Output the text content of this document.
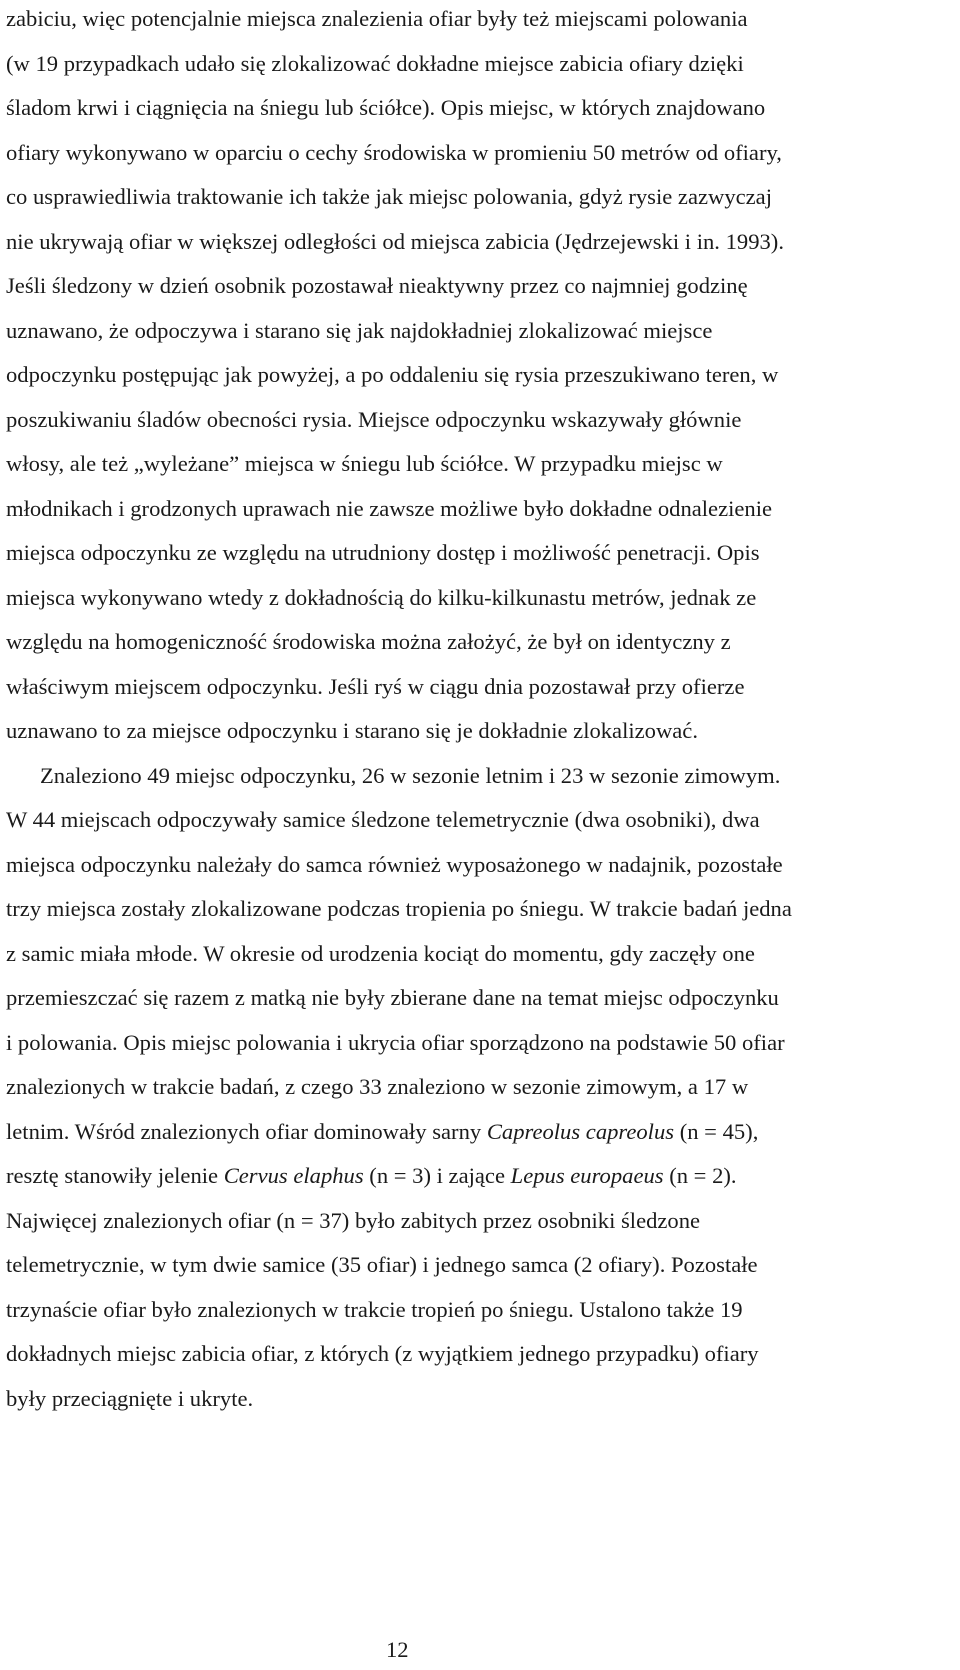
zabiciu, więc potencjalnie miejsca znalezienia ofiar były też miejscami polowania
(w 19 przypadkach udało się zlokalizować dokładne miejsce zabicia ofiary dzięki
śladom krwi i ciągnięcia na śniegu lub ściółce). Opis miejsc, w których znajdowano
ofiary wykonywano w oparciu o cechy środowiska w promieniu 50 metrów od ofiary,
co usprawiedliwia traktowanie ich także jak miejsc polowania, gdyż rysie zazwyczaj
nie ukrywają ofiar w większej odległości od miejsca zabicia (Jędrzejewski i in. 1993).
Jeśli śledzony w dzień osobnik pozostawał nieaktywny przez co najmniej godzinę
uznawano, że odpoczywa i starano się jak najdokładniej zlokalizować miejsce
odpoczynku postępując jak powyżej, a po oddaleniu się rysia przeszukiwano teren, w
poszukiwaniu śladów obecności rysia. Miejsce odpoczynku wskazywały głównie
włosy, ale też „wyleżane” miejsca w śniegu lub ściółce. W przypadku miejsc w
młodnikach i grodzonych uprawach nie zawsze możliwe było dokładne odnalezienie
miejsca odpoczynku ze względu na utrudniony dostęp i możliwość penetracji. Opis
miejsca wykonywano wtedy z dokładnością do kilku-kilkunastu metrów, jednak ze
względu na homogeniczność środowiska można założyć, że był on identyczny z
właściwym miejscem odpoczynku. Jeśli ryś w ciągu dnia pozostawał przy ofierze
uznawano to za miejsce odpoczynku i starano się je dokładnie zlokalizować.
Znaleziono 49 miejsc odpoczynku, 26 w sezonie letnim i 23 w sezonie zimowym.
W 44 miejscach odpoczywały samice śledzone telemetrycznie (dwa osobniki), dwa
miejsca odpoczynku należały do samca również wyposażonego w nadajnik, pozostałe
trzy miejsca zostały zlokalizowane podczas tropienia po śniegu. W trakcie badań jedna
z samic miała młode. W okresie od urodzenia kociąt do momentu, gdy zaczęły one
przemieszczać się razem z matką nie były zbierane dane na temat miejsc odpoczynku
i polowania. Opis miejsc polowania i ukrycia ofiar sporządzono na podstawie 50 ofiar
znalezionych w trakcie badań, z czego 33 znaleziono w sezonie zimowym, a 17 w
letnim. Wśród znalezionych ofiar dominowały sarny Capreolus capreolus (n = 45),
resztę stanowiły jelenie Cervus elaphus (n = 3) i zające Lepus europaeus (n = 2).
Najwięcej znalezionych ofiar (n = 37) było zabitych przez osobniki śledzone
telemetrycznie, w tym dwie samice (35 ofiar) i jednego samca (2 ofiary). Pozostałe
trzynaście ofiar było znalezionych w trakcie tropień po śniegu. Ustalono także 19
dokładnych miejsc zabicia ofiar, z których (z wyjątkiem jednego przypadku) ofiary
były przeciągnięte i ukryte.
12
